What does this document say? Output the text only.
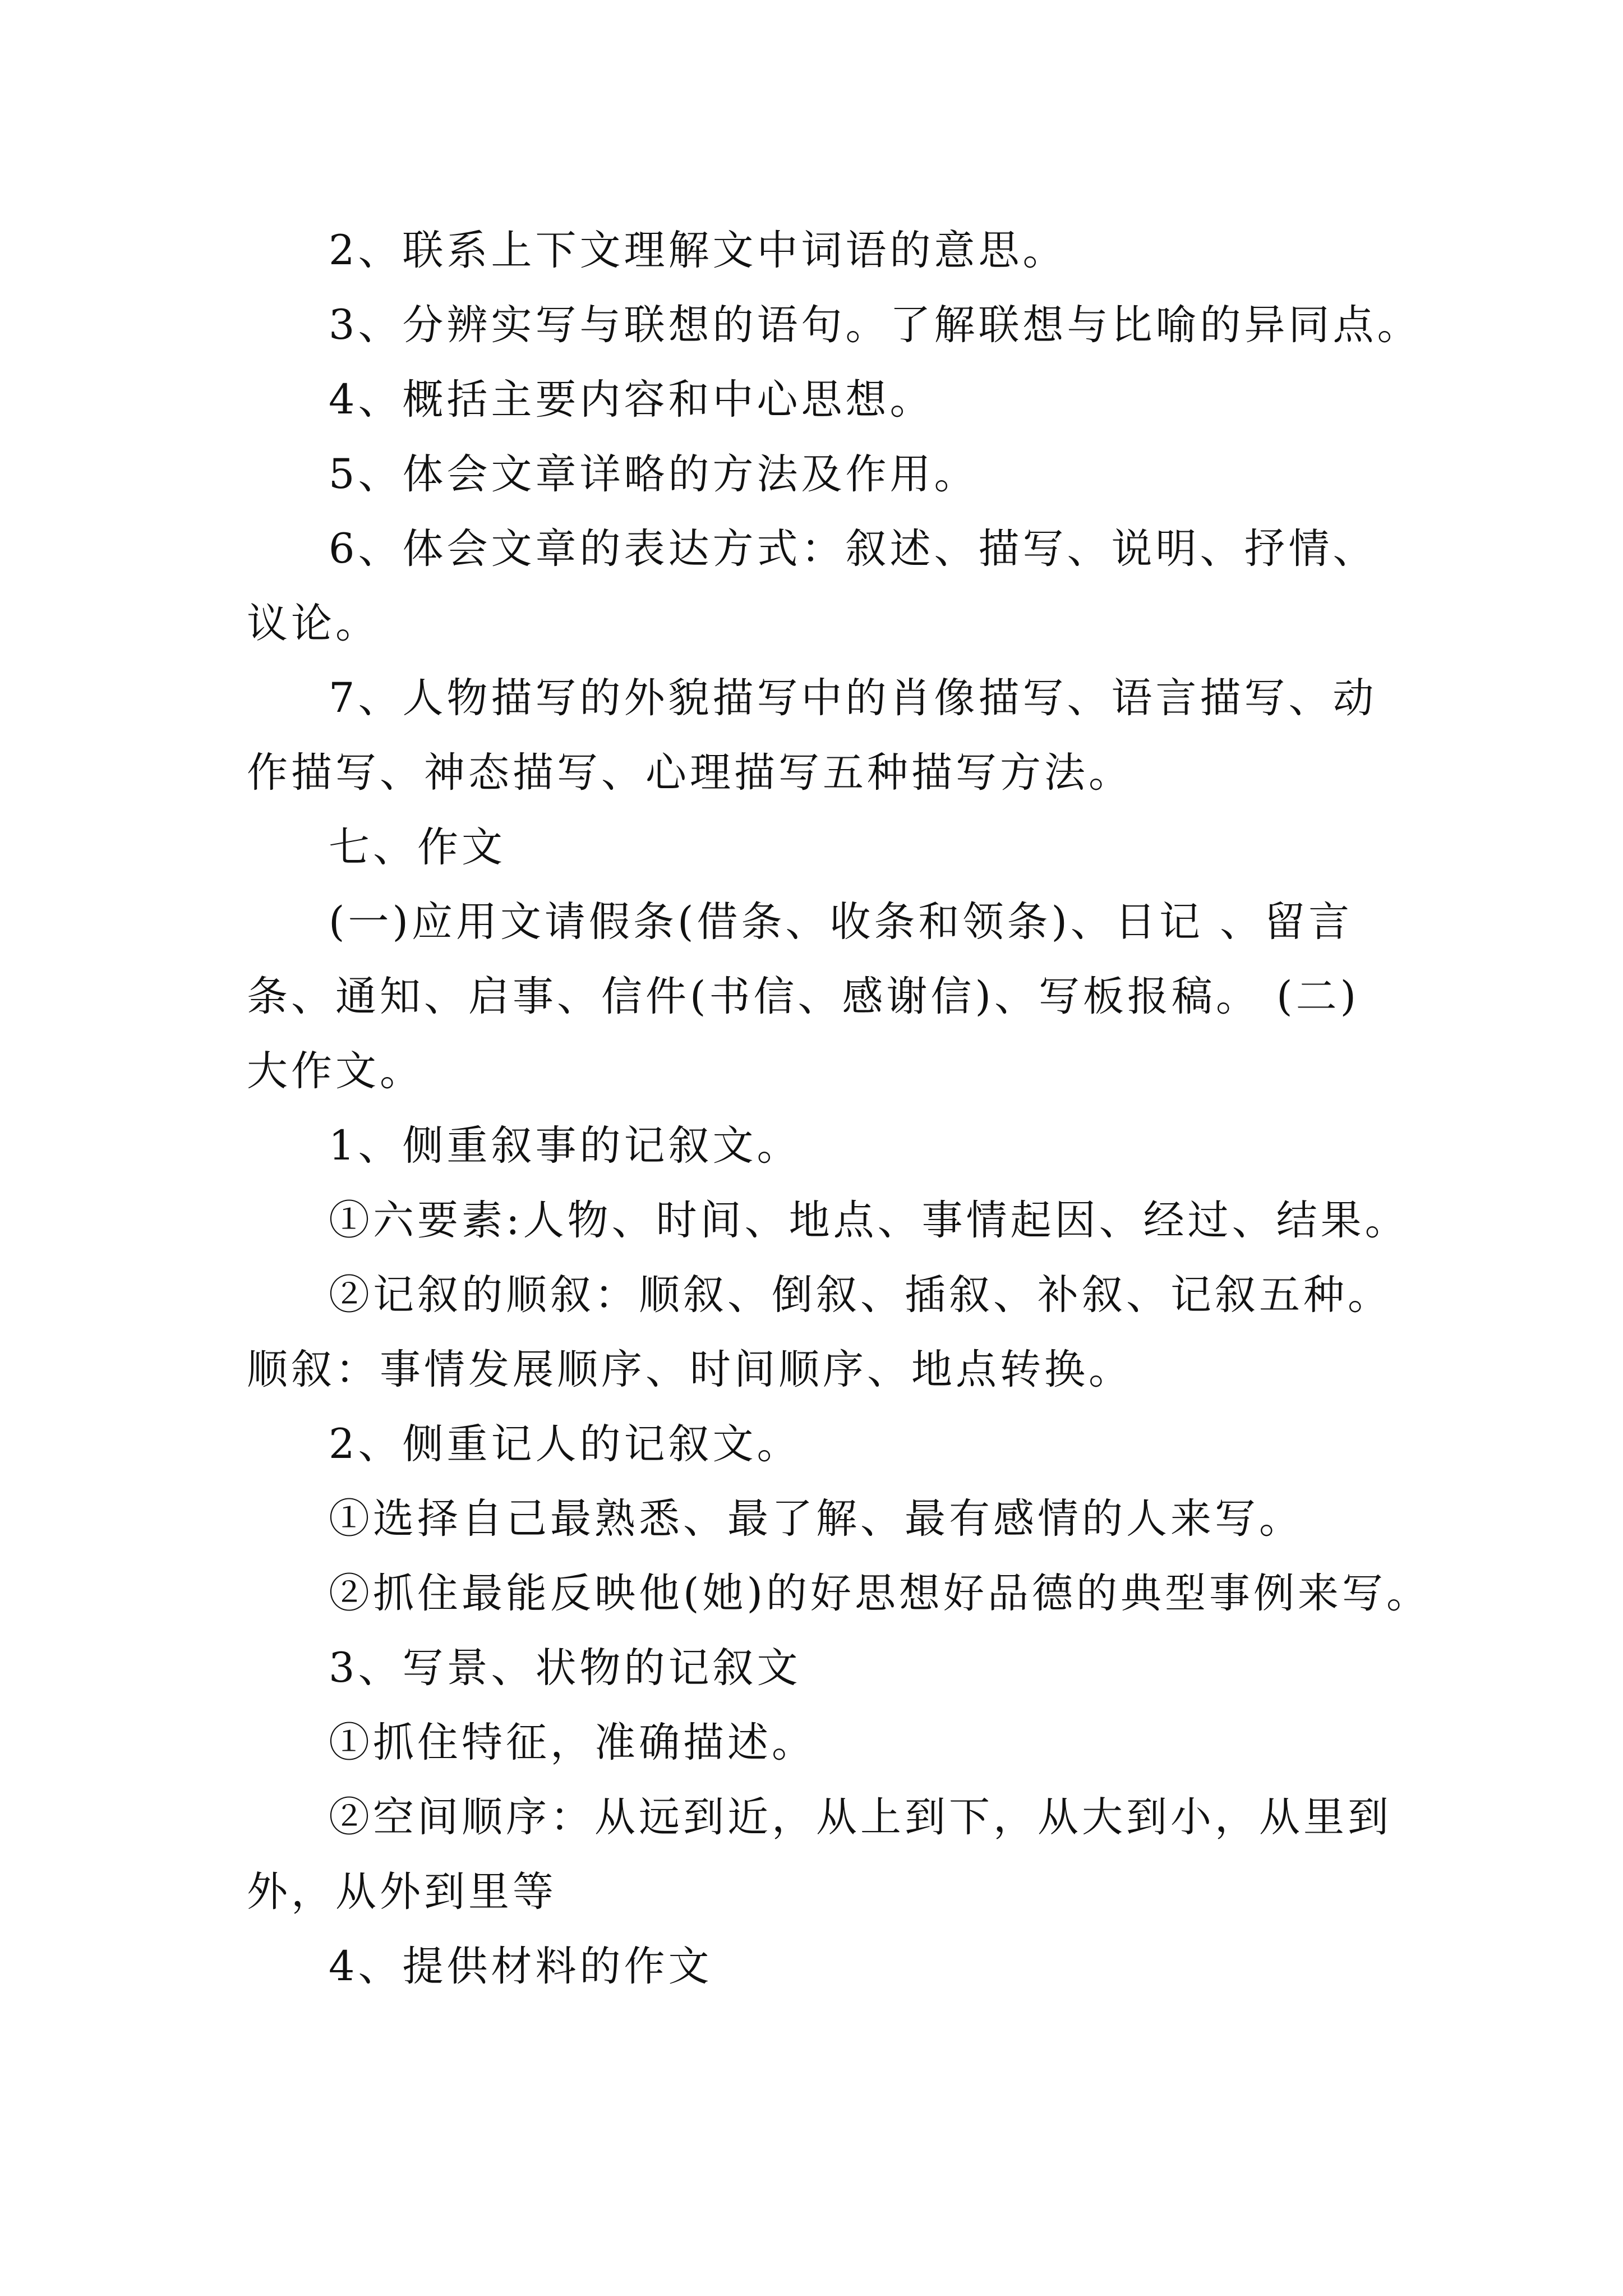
2、联系上下文理解文中词语的意思。
3、分辨实写与联想的语句。了解联想与比喻的异同点。
4、概括主要内容和中心思想。
5、体会文章详略的方法及作用。
6、体会文章的表达方式：叙述、描写、说明、抒情、
议论。
7、人物描写的外貌描写中的肖像描写、语言描写、动
作描写、神态描写、心理描写五种描写方法。
七、作文
(一)应用文请假条(借条、收条和领条)、日记 、留言
条、通知、启事、信件(书信、感谢信)、写板报稿。 (二)
大作文。
1、侧重叙事的记叙文。
①六要素:人物、时间、地点、事情起因、经过、结果。
②记叙的顺叙：顺叙、倒叙、插叙、补叙、记叙五种。
顺叙：事情发展顺序、时间顺序、地点转换。
2、侧重记人的记叙文。
①选择自己最熟悉、最了解、最有感情的人来写。
②抓住最能反映他(她)的好思想好品德的典型事例来写。
3、写景、状物的记叙文
①抓住特征，准确描述。
②空间顺序：从远到近，从上到下，从大到小，从里到
外，从外到里等
4、提供材料的作文
